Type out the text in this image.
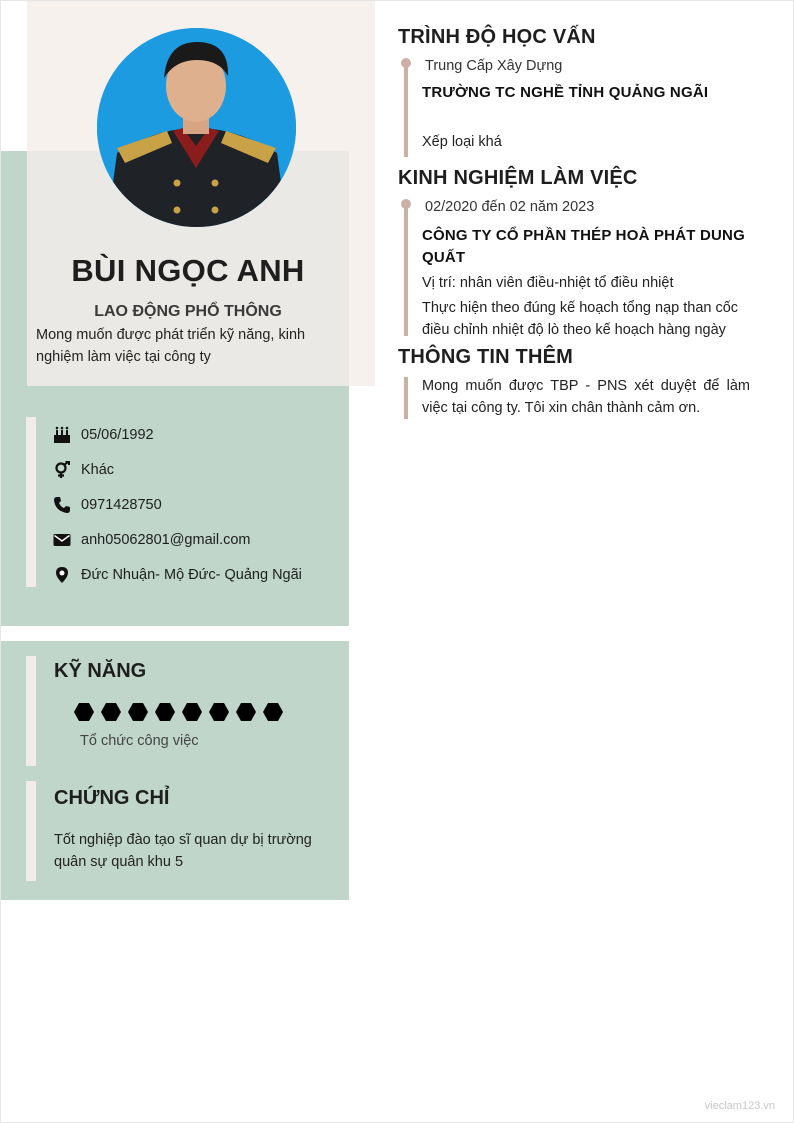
BÙI NGỌC ANH
LAO ĐỘNG PHỔ THÔNG
Mong muốn được phát triển kỹ năng, kinh nghiệm làm việc tại công ty
05/06/1992
Khác
0971428750
anh05062801@gmail.com
Đức Nhuận- Mộ Đức- Quảng Ngãi
KỸ NĂNG
Tổ chức công việc
CHỨNG CHỈ
Tốt nghiệp đào tạo sĩ quan dự bị trường quân sự quân khu 5
TRÌNH ĐỘ HỌC VẤN
Trung Cấp Xây Dựng
TRƯỜNG TC NGHỀ TỈNH QUẢNG NGÃI
Xếp loại khá
KINH NGHIỆM LÀM VIỆC
02/2020 đến 02 năm 2023
CÔNG TY CỔ PHẦN THÉP HOÀ PHÁT DUNG QUẤT
Vị trí: nhân viên điều-nhiệt tổ điều nhiệt
Thực hiện theo đúng kế hoạch tổng nạp than cốc điều chỉnh nhiệt độ lò theo kế hoạch hàng ngày
THÔNG TIN THÊM
Mong muốn được TBP - PNS xét duyệt để làm việc tại công ty. Tôi xin chân thành cảm ơn.
vieclam123.vn
